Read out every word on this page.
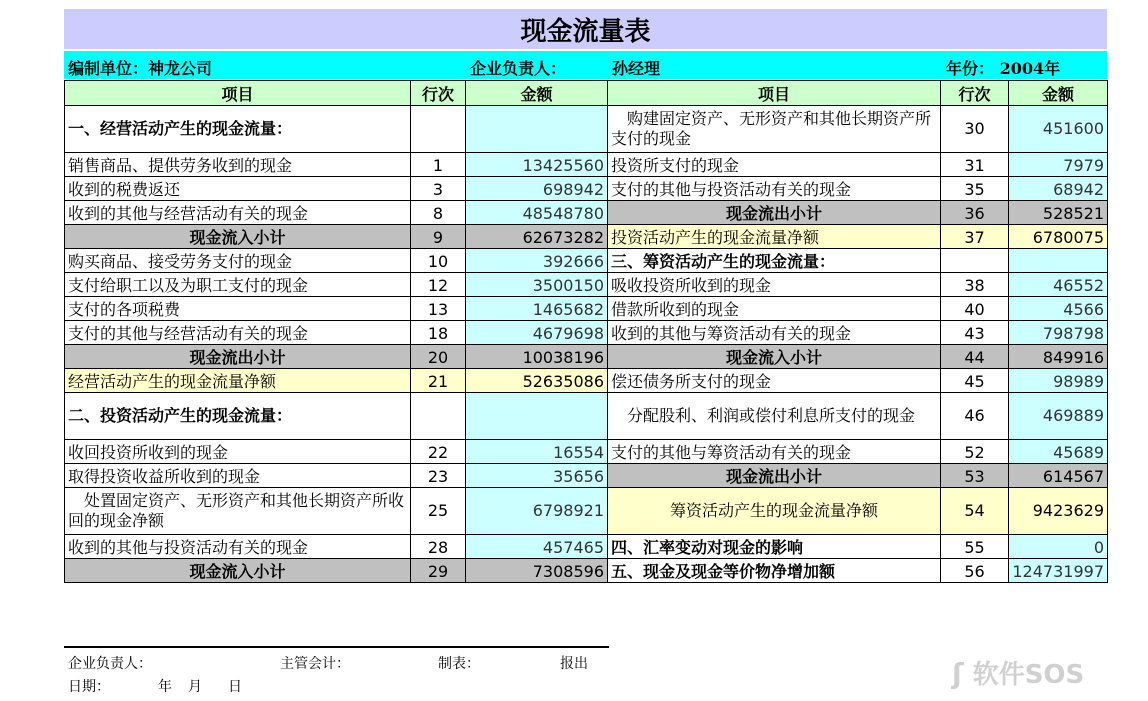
现金流量表
编制单位：神龙公司	企业负责人：	孙经理	年份： 2004年
项目	行次	金额	项目	行次	金额
一、经营活动产生的现金流量：			　购建固定资产、无形资产和其他长期资产所支付的现金	30	451600
销售商品、提供劳务收到的现金	1	13425560	投资所支付的现金	31	7979
收到的税费返还	3	698942	支付的其他与投资活动有关的现金	35	68942
收到的其他与经营活动有关的现金	8	48548780	现金流出小计	36	528521
现金流入小计	9	62673282	投资活动产生的现金流量净额	37	6780075
购买商品、接受劳务支付的现金	10	392666	三、筹资活动产生的现金流量：		
支付给职工以及为职工支付的现金	12	3500150	吸收投资所收到的现金	38	46552
支付的各项税费	13	1465682	借款所收到的现金	40	4566
支付的其他与经营活动有关的现金	18	4679698	收到的其他与筹资活动有关的现金	43	798798
现金流出小计	20	10038196	现金流入小计	44	849916
经营活动产生的现金流量净额	21	52635086	偿还债务所支付的现金	45	98989
二、投资活动产生的现金流量：			　分配股利、利润或偿付利息所支付的现金	46	469889
收回投资所收到的现金	22	16554	支付的其他与筹资活动有关的现金	52	45689
取得投资收益所收到的现金	23	35656	现金流出小计	53	614567
　处置固定资产、无形资产和其他长期资产所收回的现金净额	25	6798921	筹资活动产生的现金流量净额	54	9423629
收到的其他与投资活动有关的现金	28	457465	四、汇率变动对现金的影响	55	0
现金流入小计	29	7308596	五、现金及现金等价物净增加额	56	124731997
企业负责人：	主管会计：	制表：	报出
日期：	年 月 日	ʃ 软件SOS
